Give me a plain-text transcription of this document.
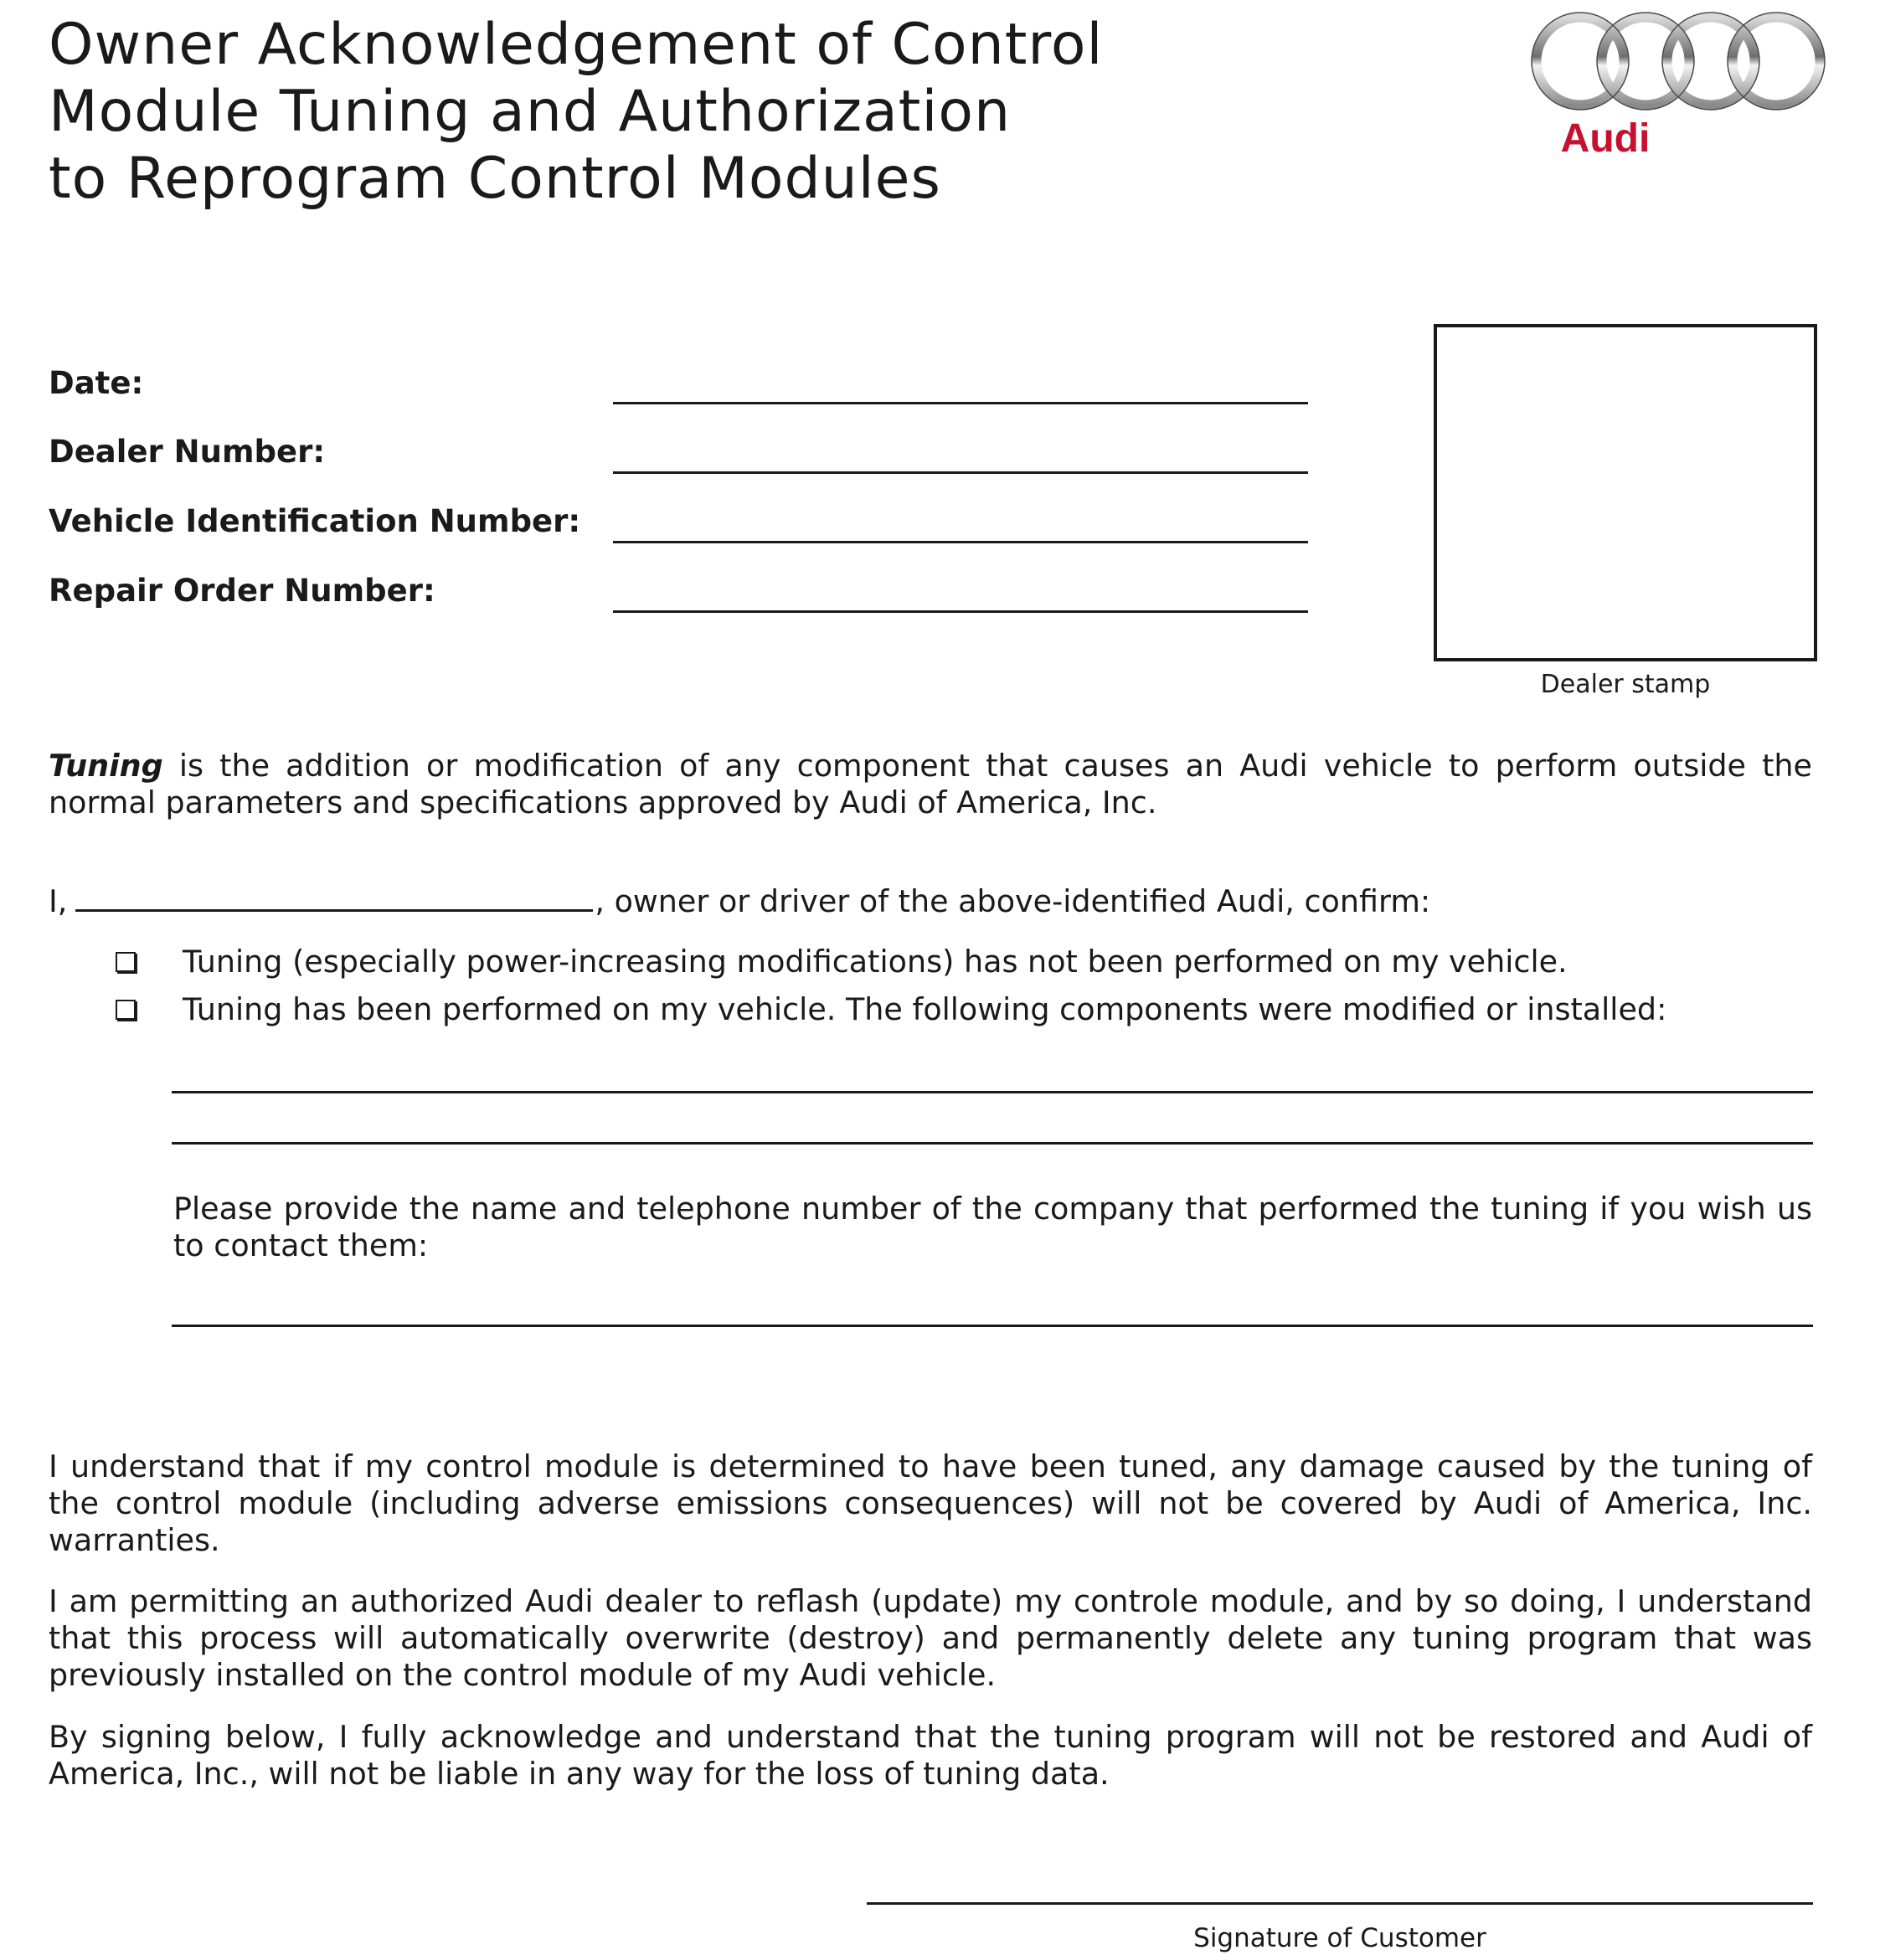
Owner Acknowledgement of Control
Module Tuning and Authorization
to Reprogram Control Modules
Audi
Date:
Dealer Number:
Vehicle Identification Number:
Repair Order Number:
Dealer stamp
Tuning is the addition or modification of any component that causes an Audi vehicle to perform outside the normal parameters and specifications approved by Audi of America, Inc.
I,	, owner or driver of the above-identified Audi, confirm:
Tuning (especially power-increasing modifications) has not been performed on my vehicle.
Tuning has been performed on my vehicle. The following components were modified or installed:
Please provide the name and telephone number of the company that performed the tuning if you wish us to contact them:
I understand that if my control module is determined to have been tuned, any damage caused by the tuning of the control module (including adverse emissions consequences) will not be covered by Audi of America, Inc. warranties.
I am permitting an authorized Audi dealer to reflash (update) my controle module, and by so doing, I understand that this process will automatically overwrite (destroy) and permanently delete any tuning program that was previously installed on the control module of my Audi vehicle.
By signing below, I fully acknowledge and understand that the tuning program will not be restored and Audi of America, Inc., will not be liable in any way for the loss of tuning data.
Signature of Customer
